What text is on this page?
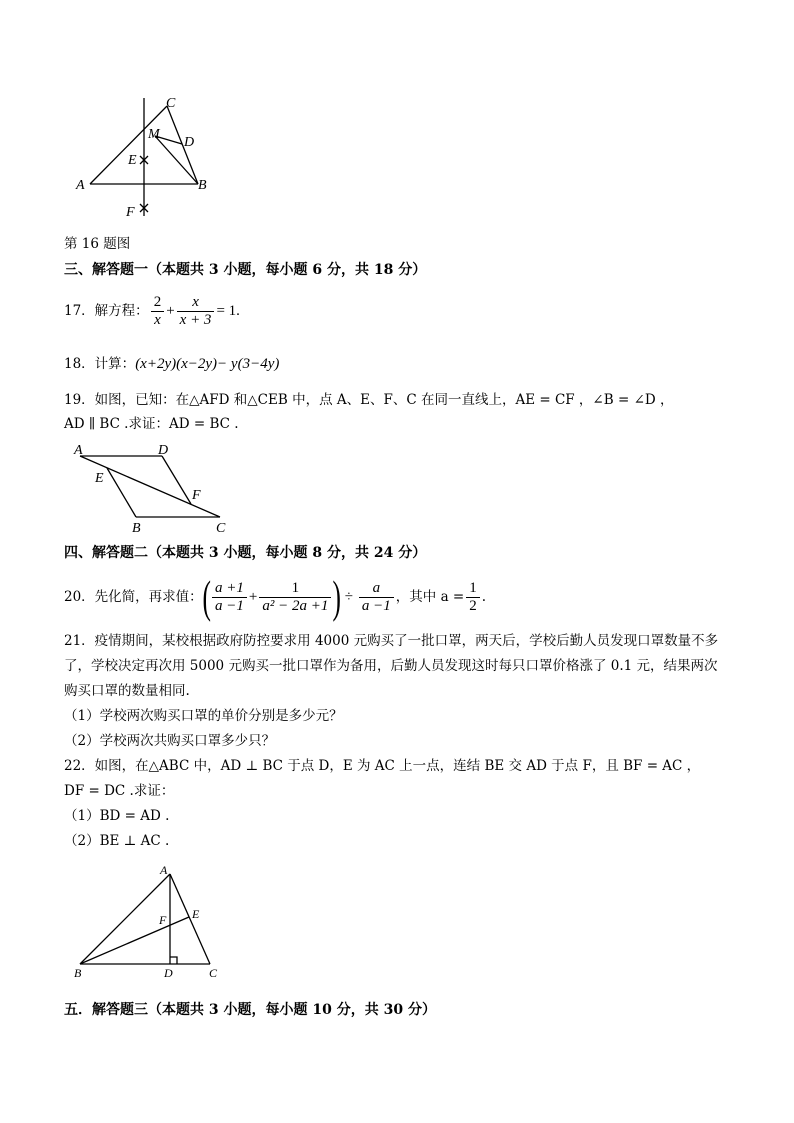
C
M
D
E
A	B
F
第 16 题图
三、解答题一（本题共 3 小题，每小题 6 分，共 18 分）
17．解方程： $\frac{2}{x} + \frac{x}{x + 3} = 1$.
18．计算：(x+2y)(x−2y)− y(3−4y)
19．如图，已知：在△AFD 和△CEB 中，点 A、E、F、C 在同一直线上，AE = CF ，∠B = ∠D ，
AD ∥ BC .求证：AD = BC .
A	D
E
F
B	C
四、解答题二（本题共 3 小题，每小题 8 分，共 24 分）
20．先化简，再求值： ( $\frac{a +1}{a -1} + \frac{1}{\text{a² − 2a +1}}$ ) ÷ $\frac{a}{a -1}$ ，其中 $a = \frac{1}{2}$ .
21．疫情期间，某校根据政府防控要求用 4000 元购买了一批口罩，两天后，学校后勤人员发现口罩数量不多
了，学校决定再次用 5000 元购买一批口罩作为备用，后勤人员发现这时每只口罩价格涨了 0.1 元，结果两次
购买口罩的数量相同.
（1）学校两次购买口罩的单价分别是多少元？
（2）学校两次共购买口罩多少只？
22．如图，在△ABC 中，AD ⊥ BC 于点 D，E 为 AC 上一点，连结 BE 交 AD 于点 F，且 BF = AC ，
DF = DC .求证：
（1）BD = AD .
（2）BE ⊥ AC .
A
F E
B	D	C
五．解答题三（本题共 3 小题，每小题 10 分，共 30 分）
